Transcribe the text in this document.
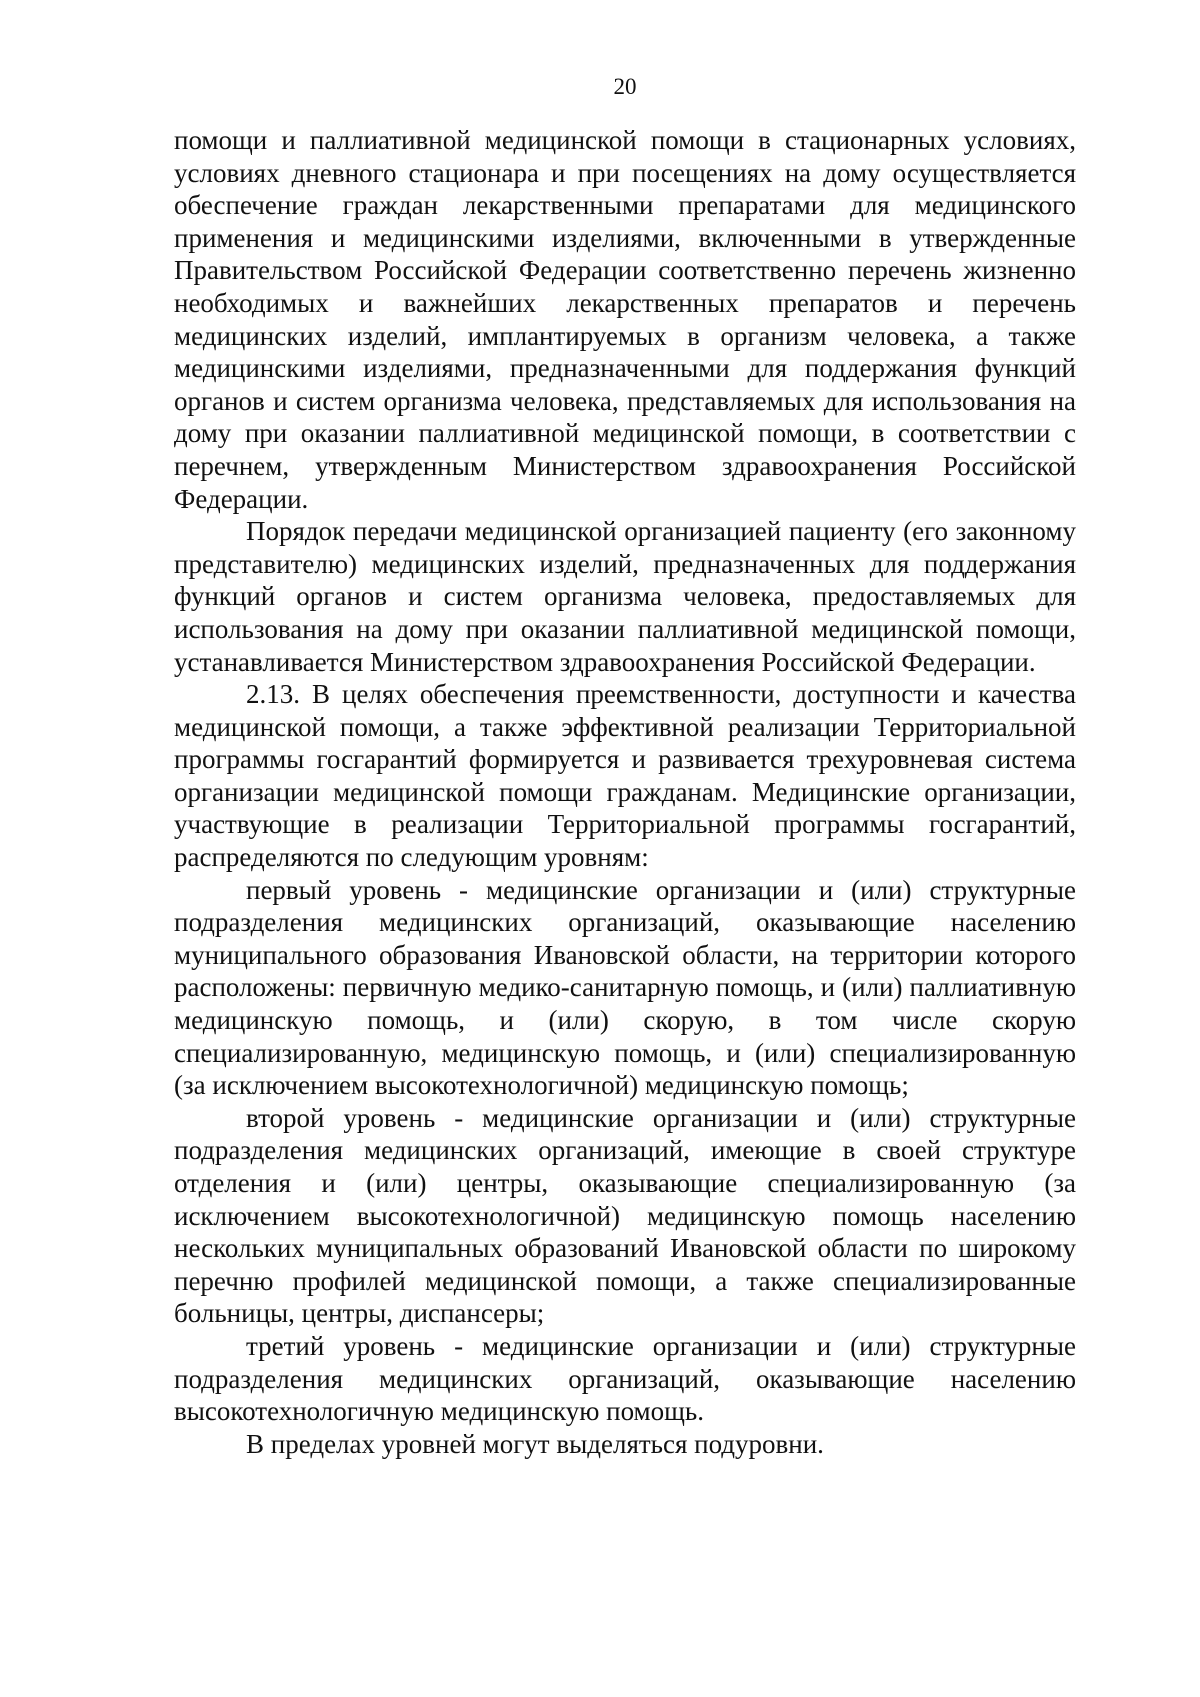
20

помощи и паллиативной медицинской помощи в стационарных условиях, условиях дневного стационара и при посещениях на дому осуществляется обеспечение граждан лекарственными препаратами для медицинского применения и медицинскими изделиями, включенными в утвержденные Правительством Российской Федерации соответственно перечень жизненно необходимых и важнейших лекарственных препаратов и перечень медицинских изделий, имплантируемых в организм человека, а также медицинскими изделиями, предназначенными для поддержания функций органов и систем организма человека, представляемых для использования на дому при оказании паллиативной медицинской помощи, в соответствии с перечнем, утвержденным Министерством здравоохранения Российской Федерации.

Порядок передачи медицинской организацией пациенту (его законному представителю) медицинских изделий, предназначенных для поддержания функций органов и систем организма человека, предоставляемых для использования на дому при оказании паллиативной медицинской помощи, устанавливается Министерством здравоохранения Российской Федерации.

2.13. В целях обеспечения преемственности, доступности и качества медицинской помощи, а также эффективной реализации Территориальной программы госгарантий формируется и развивается трехуровневая система организации медицинской помощи гражданам. Медицинские организации, участвующие в реализации Территориальной программы госгарантий, распределяются по следующим уровням:

первый уровень - медицинские организации и (или) структурные подразделения медицинских организаций, оказывающие населению муниципального образования Ивановской области, на территории которого расположены: первичную медико-санитарную помощь, и (или) паллиативную медицинскую помощь, и (или) скорую, в том числе скорую специализированную, медицинскую помощь, и (или) специализированную (за исключением высокотехнологичной) медицинскую помощь;

второй уровень - медицинские организации и (или) структурные подразделения медицинских организаций, имеющие в своей структуре отделения и (или) центры, оказывающие специализированную (за исключением высокотехнологичной) медицинскую помощь населению нескольких муниципальных образований Ивановской области по широкому перечню профилей медицинской помощи, а также специализированные больницы, центры, диспансеры;

третий уровень - медицинские организации и (или) структурные подразделения медицинских организаций, оказывающие населению высокотехнологичную медицинскую помощь.

В пределах уровней могут выделяться подуровни.
